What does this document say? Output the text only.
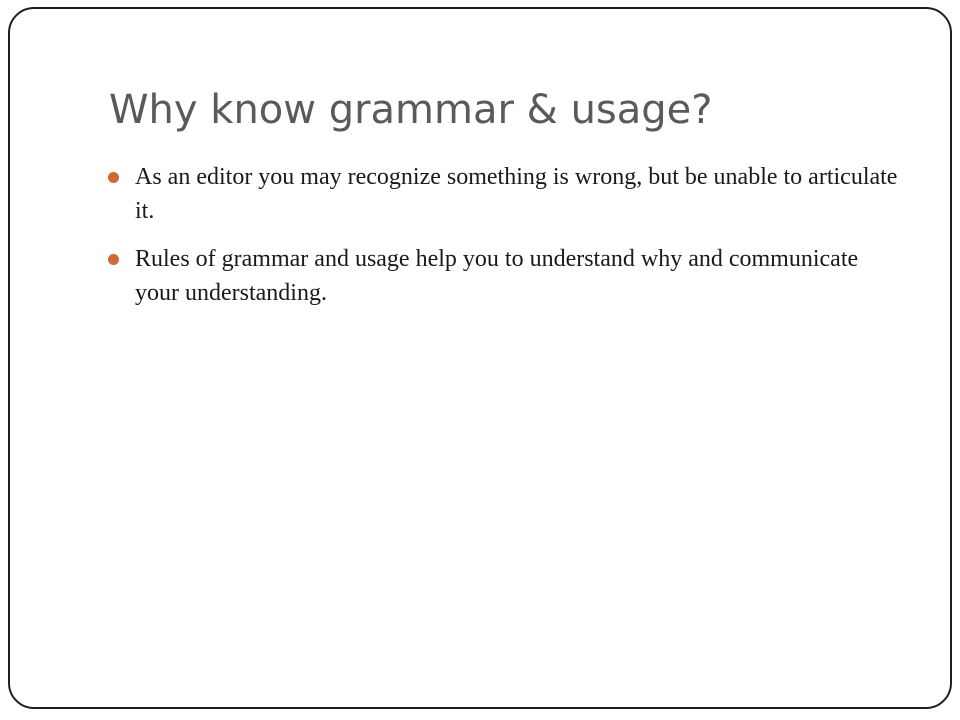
Why know grammar & usage?
As an editor you may recognize something is wrong, but be unable to articulate it.
Rules of grammar and usage help you to understand why and communicate your understanding.
